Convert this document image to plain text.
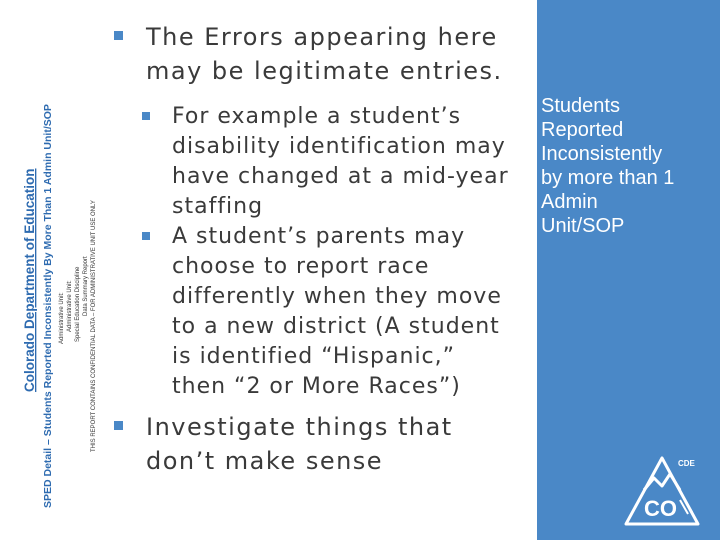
Colorado Department of Education SPED Detail – Students Reported Inconsistently By More Than 1 Admin Unit/SOP Administrative Unit: Administrative Unit: Special Education Discipline Data Summary Report THIS REPORT CONTAINS CONFIDENTIAL DATA – FOR ADMINISTRATIVE UNIT USE ONLY
The Errors appearing here
may be legitimate entries.
For example a student’s
disability identification may
have changed at a mid-year
staffing
A student’s parents may
choose to report race
differently when they move
to a new district (A student
is identified “Hispanic,”
then “2 or More Races”)
Investigate things that
don’t make sense
Students
Reported
Inconsistently
by more than 1
Admin
Unit/SOP
CDE
CO
